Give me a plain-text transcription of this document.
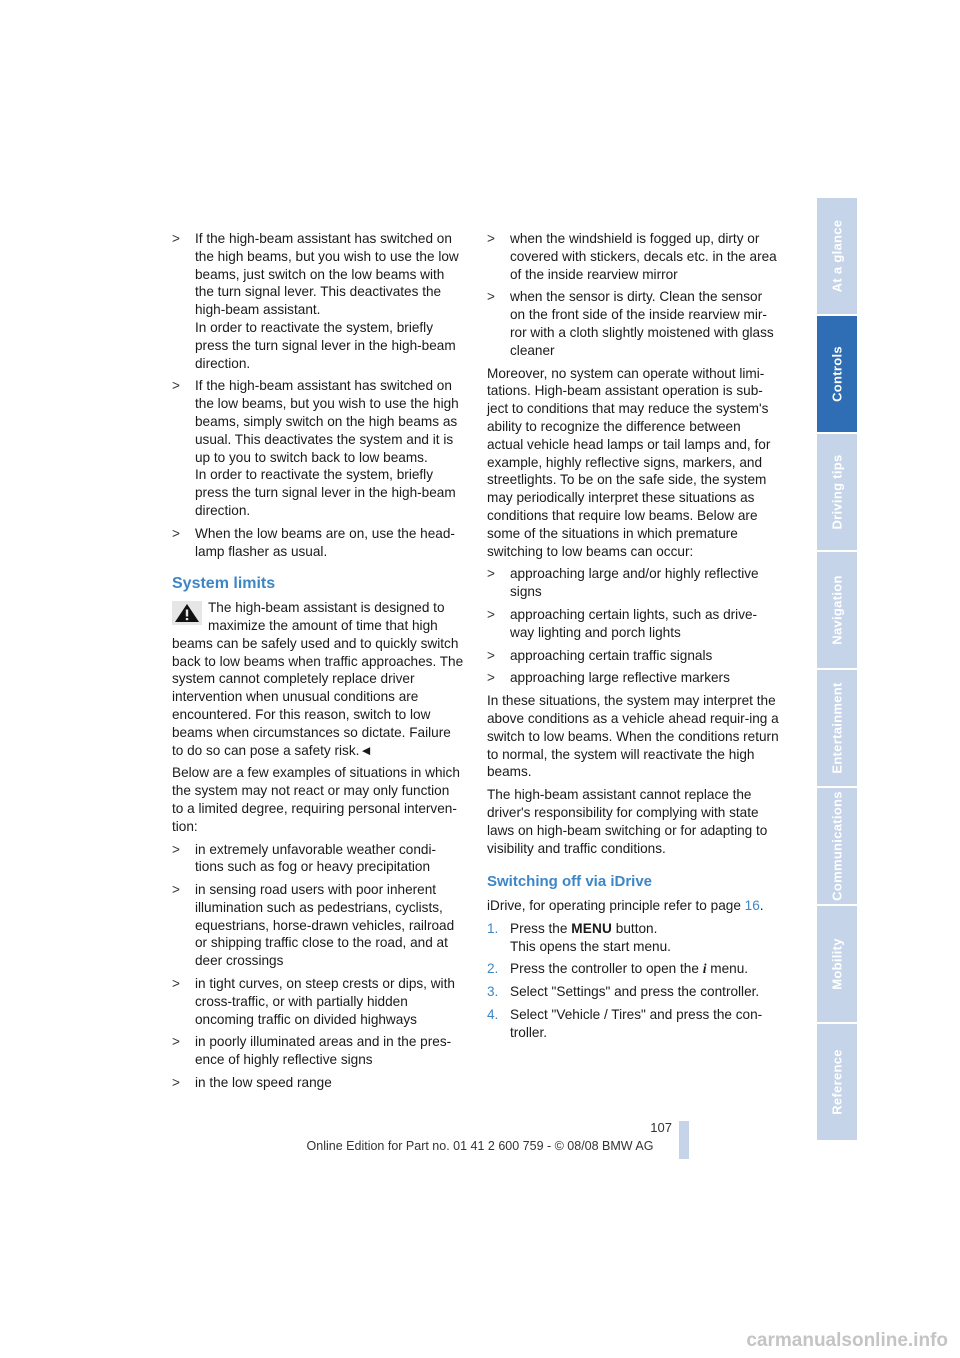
> If the high-beam assistant has switched on the high beams, but you wish to use the low beams, just switch on the low beams with the turn signal lever. This deactivates the high-beam assistant.
In order to reactivate the system, briefly press the turn signal lever in the high-beam direction.
> If the high-beam assistant has switched on the low beams, but you wish to use the high beams, simply switch on the high beams as usual. This deactivates the system and it is up to you to switch back to low beams.
In order to reactivate the system, briefly press the turn signal lever in the high-beam direction.
> When the low beams are on, use the head-lamp flasher as usual.
System limits

The high-beam assistant is designed to maximize the amount of time that high beams can be safely used and to quickly switch back to low beams when traffic approaches. The system cannot completely replace driver intervention when unusual conditions are encountered. For this reason, switch to low beams when circumstances so dictate. Failure to do so can pose a safety risk.◄

Below are a few examples of situations in which the system may not react or may only function to a limited degree, requiring personal interven-tion:

> in extremely unfavorable weather condi-tions such as fog or heavy precipitation
> in sensing road users with poor inherent illumination such as pedestrians, cyclists, equestrians, horse-drawn vehicles, railroad or shipping traffic close to the road, and at deer crossings
> in tight curves, on steep crests or dips, with cross-traffic, or with partially hidden oncoming traffic on divided highways
> in poorly illuminated areas and in the pres-ence of highly reflective signs
> in the low speed range
> when the windshield is fogged up, dirty or covered with stickers, decals etc. in the area of the inside rearview mirror
> when the sensor is dirty. Clean the sensor on the front side of the inside rearview mir-ror with a cloth slightly moistened with glass cleaner

Moreover, no system can operate without limi-tations. High-beam assistant operation is sub-ject to conditions that may reduce the system's ability to recognize the difference between actual vehicle head lamps or tail lamps and, for example, highly reflective signs, markers, and streetlights. To be on the safe side, the system may periodically interpret these situations as conditions that require low beams. Below are some of the situations in which premature switching to low beams can occur:

> approaching large and/or highly reflective signs
> approaching certain lights, such as drive-way lighting and porch lights
> approaching certain traffic signals
> approaching large reflective markers

In these situations, the system may interpret the above conditions as a vehicle ahead requir-ing a switch to low beams. When the conditions return to normal, the system will reactivate the high beams.

The high-beam assistant cannot replace the driver's responsibility for complying with state laws on high-beam switching or for adapting to visibility and traffic conditions.

Switching off via iDrive

iDrive, for operating principle refer to page 16.

1. Press the MENU button.
This opens the start menu.
2. Press the controller to open the i menu.
3. Select "Settings" and press the controller.
4. Select "Vehicle / Tires" and press the con-troller.
At a glance
Controls
Driving tips
Navigation
Entertainment
Communications
Mobility
Reference
107
Online Edition for Part no. 01 41 2 600 759 - © 08/08 BMW AG
carmanualsonline.info
